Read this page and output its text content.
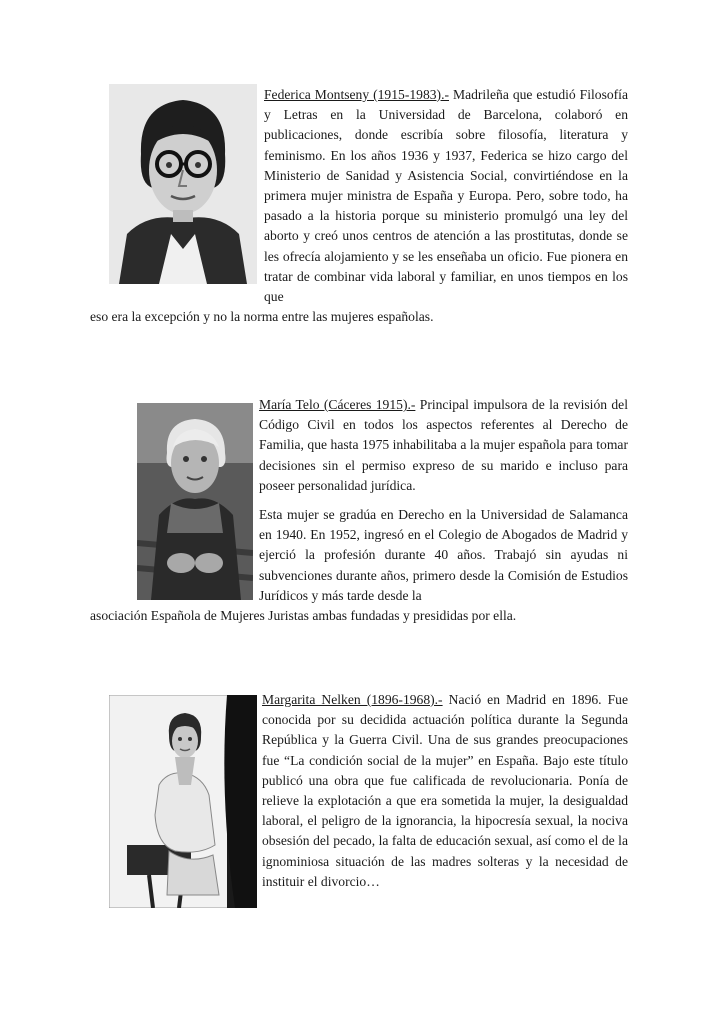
Federica Montseny (1915-1983).- Madrileña que estudió Filosofía y Letras en la Universidad de Barcelona, colaboró en publicaciones, donde escribía sobre filosofía, literatura y feminismo. En los años 1936 y 1937, Federica se hizo cargo del Ministerio de Sanidad y Asistencia Social, convirtiéndose en la primera mujer ministra de España y Europa. Pero, sobre todo, ha pasado a la historia porque su ministerio promulgó una ley del aborto y creó unos centros de atención a las prostitutas, donde se les ofrecía alojamiento y se les enseñaba un oficio. Fue pionera en tratar de combinar vida laboral y familiar, en unos tiempos en los que

eso era la excepción y no la norma entre las mujeres españolas.

María Telo (Cáceres 1915).- Principal impulsora de la revisión del Código Civil en todos los aspectos referentes al Derecho de Familia, que hasta 1975 inhabilitaba a la mujer española para tomar decisiones sin el permiso expreso de su marido e incluso para poseer personalidad jurídica.

Esta mujer se gradúa en Derecho en la Universidad de Salamanca en 1940. En 1952, ingresó en el Colegio de Abogados de Madrid y ejerció la profesión durante 40 años. Trabajó sin ayudas ni subvenciones durante años, primero desde la Comisión de Estudios Jurídicos y más tarde desde la

asociación Española de Mujeres Juristas ambas fundadas y presididas por ella.

Margarita Nelken (1896-1968).- Nació en Madrid en 1896. Fue conocida por su decidida actuación política durante la Segunda República y la Guerra Civil. Una de sus grandes preocupaciones fue “La condición social de la mujer” en España. Bajo este título publicó una obra que fue calificada de revolucionaria. Ponía de relieve la explotación a que era sometida la mujer, la desigualdad laboral, el peligro de la ignorancia, la hipocresía sexual, la nociva obsesión del pecado, la falta de educación sexual, así como el de la ignominiosa situación de las madres solteras y la necesidad de instituir el divorcio…
